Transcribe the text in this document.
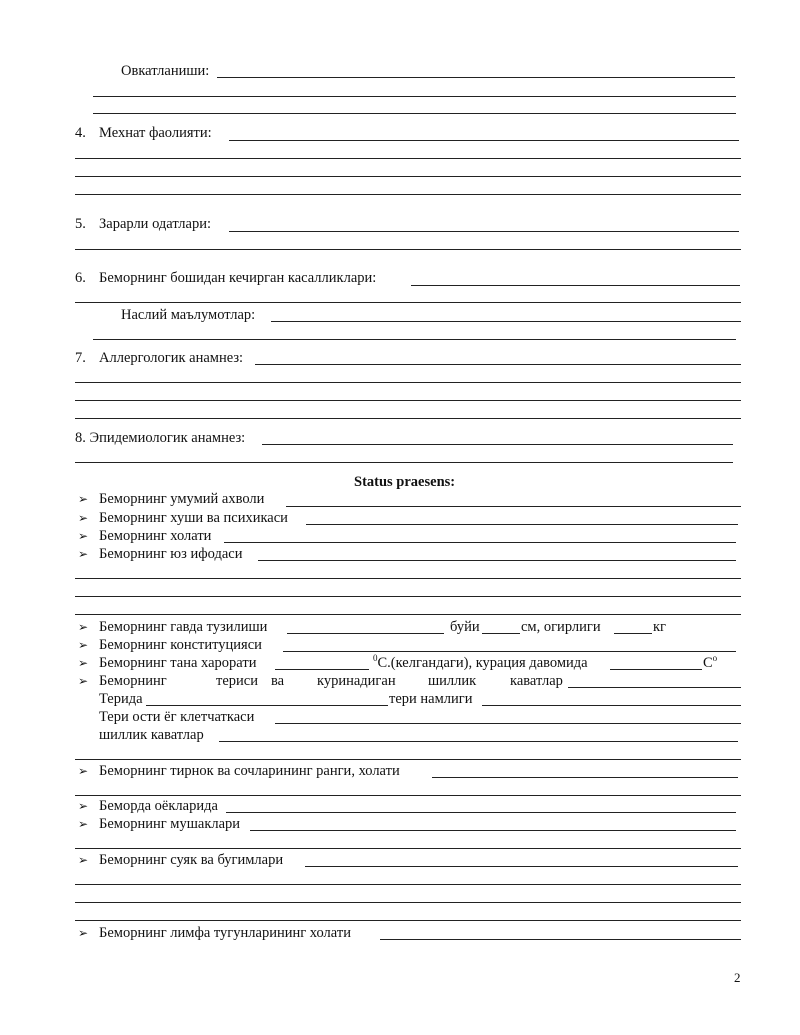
Овкатланиши:
4. Мехнат фаолияти:
5. Зарарли одатлари:
6. Беморнинг бошидан кечирган касалликлари:
Наслий маълумотлар:
7. Аллергологик анамнез:
8. Эпидемиологик анамнез:
Status praesens:
➢ Беморнинг умумий ахволи
➢ Беморнинг хуши ва психикаси
➢ Беморнинг холати
➢ Беморнинг юз ифодаси
➢ Беморнинг гавда тузилиши	буйи	см, огирлиги	кг
➢ Беморнинг конституцияси
➢ Беморнинг тана харорати	$^0$С.(келгандаги), курация давомида	$С^о$
➢ Беморнинг	териси ва куринадиган шиллик каватлар
Терида	тери намлиги
Тери ости ёг клетчаткаси
шиллик каватлар
➢ Беморнинг тирнок ва сочларининг ранги, холати
➢ Беморда оёкларида
➢ Беморнинг мушаклари
➢ Беморнинг суяк ва бугимлари
➢ Беморнинг лимфа тугунларининг холати
2
